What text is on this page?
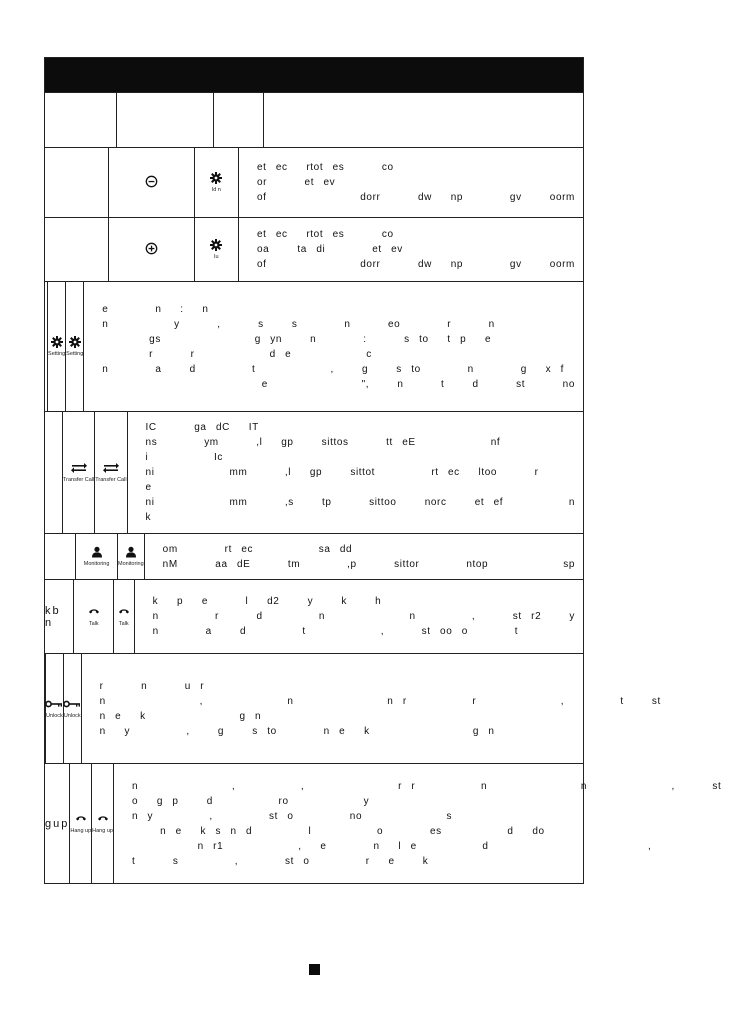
Id n
et ec  rtot es    co
or    et ev
of          dorr    dw  np     gv   oorm
Iu
et ec  rtot es    co
oa   ta di     et ev
of          dorr    dw  np     gv   oorm
Setting Setting
e     n  :  n
n       y    ,    s   s     n    eo     r    n
gs          g yn   n     :    s to  t p  e
r    r        d e        c
n     a   d      t        ,   g   s to     n     g  x f
e          ",   n    t   d    st    no
Transfer Call Transfer Call
IC    ga dC  IT
ns     ym    ,l  gp   sittos    tt eE        nf
i       Ic
ni        mm    ,l  gp   sittot      rt ec  ltoo    r
e
ni        mm    ,s   tp    sittoo   norc   et ef       n
k
Monitoring Monitoring
om     rt ec       sa dd
nM    aa dE    tm     ,p    sittor     ntop        sp
kb n	Talk	Talk
k  p  e    l  d2   y   k   h
n      r    d      n         n      ,    st r2   y
n     a   d      t        ,    st oo o     t
Unlock Unlock
r    n    u r
n          ,         n          n r       r         ,      t   st
n e  k          g n
n  y      ,   g   s to     n e  k           g n
gup
Hang up Hang up
n          ,       ,          r r       n          n         ,    st
o  g p   d       ro        y
n y      ,      st o      no         s
n e  k s n d      l       o     es       d  do
n r1        ,  e     n  l e       d                 ,
t    s      ,     st o      r  e   k
